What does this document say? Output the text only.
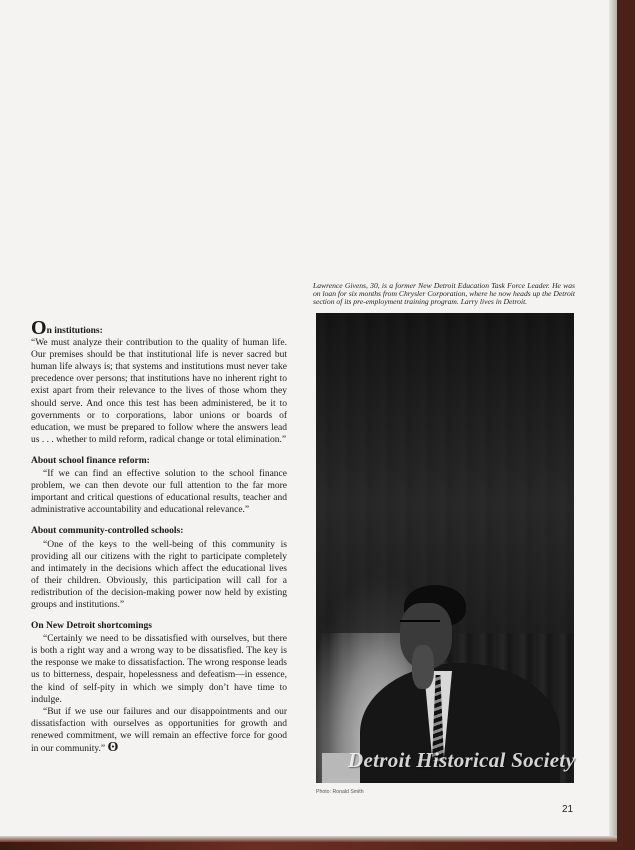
Lawrence Givens, 30, is a former New Detroit Education Task Force Leader. He was on loan for six months from Chrysler Corporation, where he now heads up the Detroit section of its pre-employment training program. Larry lives in Detroit.
Detroit Historical Society
Photo: Ronald Smith
21

On institutions:

“We must analyze their contribution to the quality of human life. Our premises should be that institutional life is never sacred but human life always is; that systems and institutions must never take precedence over persons; that institutions have no inherent right to exist apart from their relevance to the lives of those whom they should serve. And once this test has been administered, be it to governments or to corporations, labor unions or boards of education, we must be prepared to follow where the answers lead us . . . whether to mild reform, radical change or total elimination.”

About school finance reform:

“If we can find an effective solution to the school finance problem, we can then devote our full attention to the far more important and critical questions of educational results, teacher and administrative accountability and educational relevance.”

About community-controlled schools:

“One of the keys to the well-being of this community is providing all our citizens with the right to participate completely and intimately in the decisions which affect the educational lives of their children. Obviously, this participation will call for a redistribution of the decision-making power now held by existing groups and institutions.”

On New Detroit shortcomings

“Certainly we need to be dissatisfied with ourselves, but there is both a right way and a wrong way to be dissatisfied. The key is the response we make to dissatisfaction. The wrong response leads us to bitterness, despair, hopelessness and defeatism—in essence, the kind of self-pity in which we simply don’t have time to indulge.

“But if we use our failures and our disappointments and our dissatisfaction with ourselves as opportunities for growth and renewed commitment, we will remain an effective force for good in our community.” ʘ
